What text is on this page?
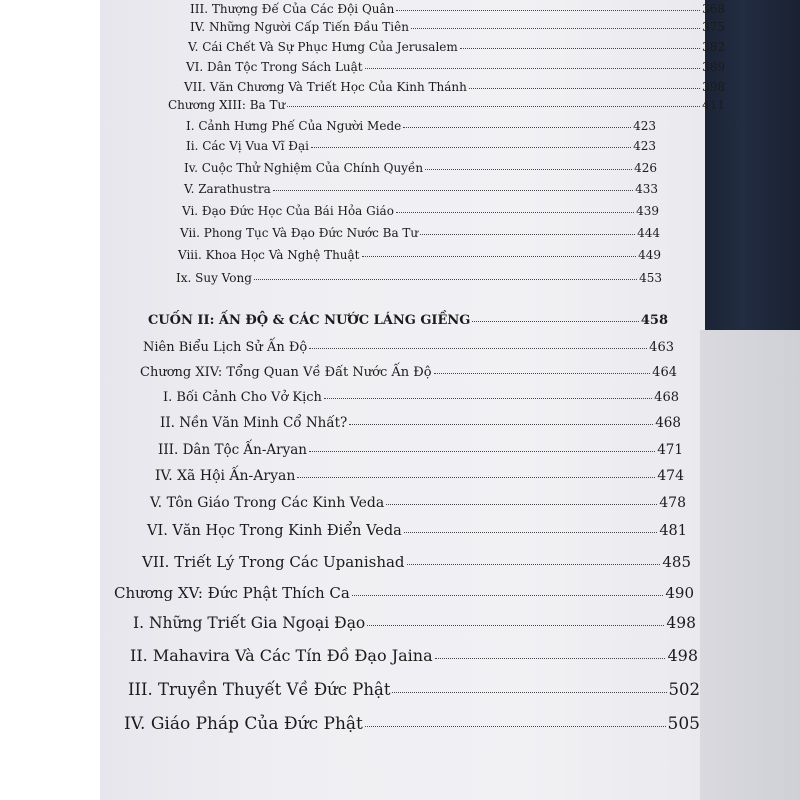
III. Thượng Đế Của Các Đội Quân	368
IV. Những Người Cấp Tiến Đầu Tiên	375
V. Cái Chết Và Sự Phục Hưng Của Jerusalem	382
VI. Dân Tộc Trong Sách Luật	389
VII. Văn Chương Và Triết Học Của Kinh Thánh	398
Chương XIII: Ba Tư	411
I. Cảnh Hưng Phế Của Người Mede	423
Ii. Các Vị Vua Vĩ Đại	423
Iv. Cuộc Thử Nghiệm Của Chính Quyền	426
V. Zarathustra	433
Vi. Đạo Đức Học Của Bái Hỏa Giáo	439
Vii. Phong Tục Và Đạo Đức Nước Ba Tư	444
Viii. Khoa Học Và Nghệ Thuật	449
Ix. Suy Vong	453
CUỐN II: ẤN ĐỘ & CÁC NƯỚC LÁNG GIỀNG	458
Niên Biểu Lịch Sử Ấn Độ	463
Chương XIV: Tổng Quan Về Đất Nước Ấn Độ	464
I. Bối Cảnh Cho Vở Kịch	468
II. Nền Văn Minh Cổ Nhất?	468
III. Dân Tộc Ấn-Aryan	471
IV. Xã Hội Ấn-Aryan	474
V. Tôn Giáo Trong Các Kinh Veda	478
VI. Văn Học Trong Kinh Điển Veda	481
VII. Triết Lý Trong Các Upanishad	485
Chương XV: Đức Phật Thích Ca	490
I. Những Triết Gia Ngoại Đạo	498
II. Mahavira Và Các Tín Đồ Đạo Jaina	498
III. Truyền Thuyết Về Đức Phật	502
IV. Giáo Pháp Của Đức Phật	505
